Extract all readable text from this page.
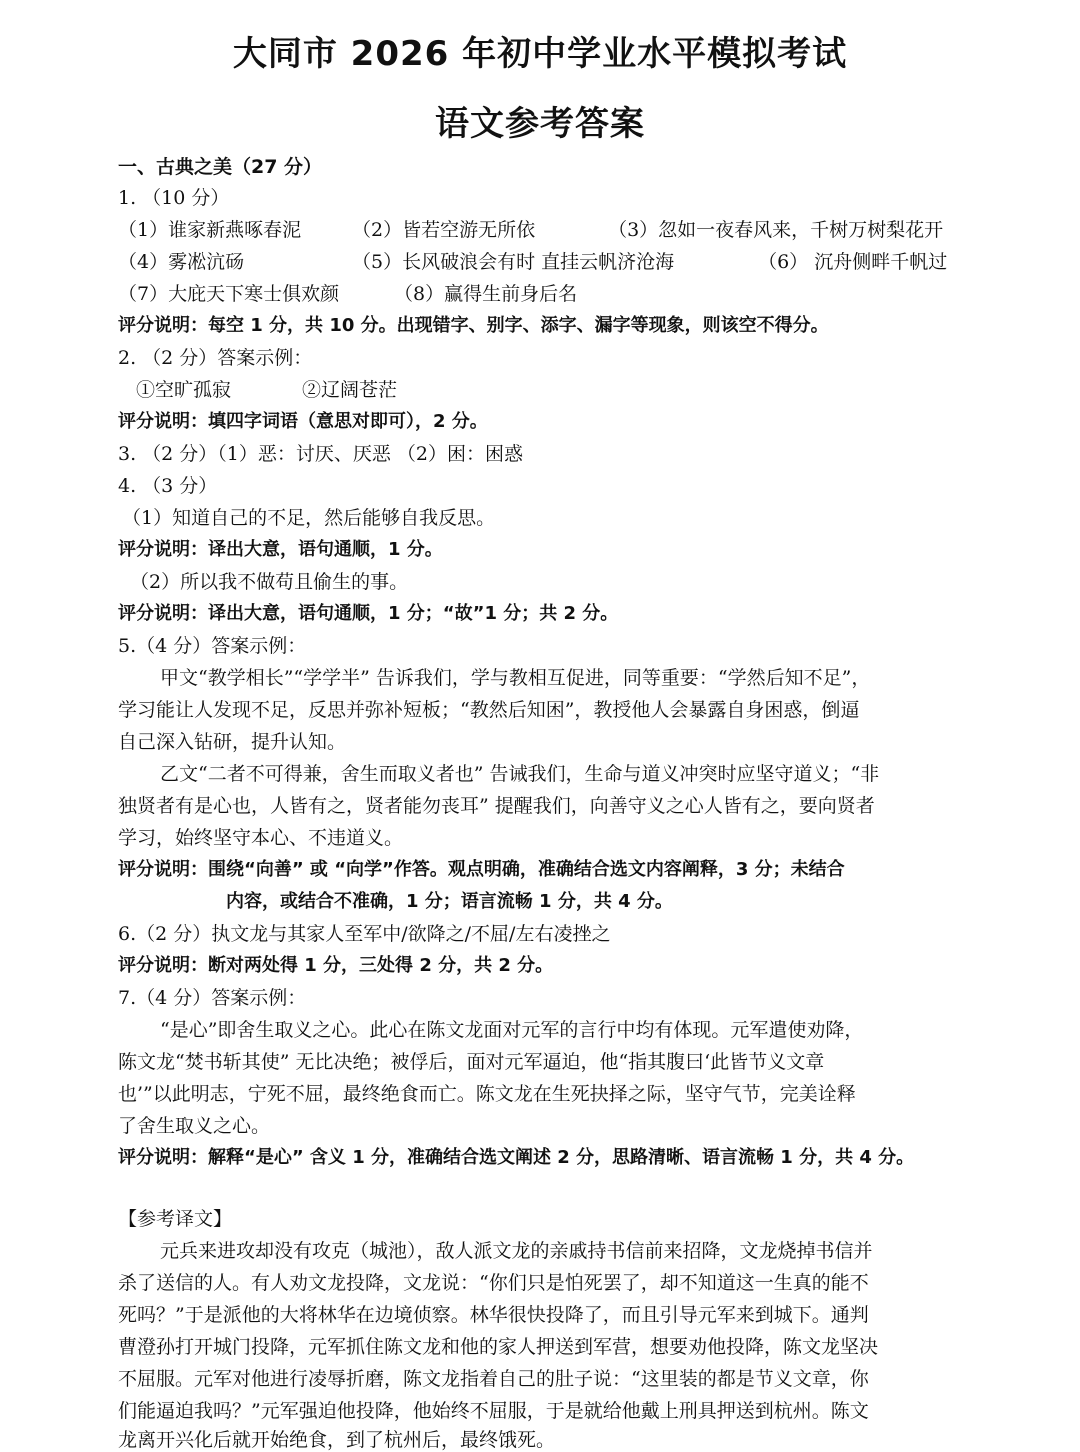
大同市 2026 年初中学业水平模拟考试
语文参考答案
一、古典之美（27 分）
1. （10 分）
（1）谁家新燕啄春泥	（2）皆若空游无所依	（3）忽如一夜春风来，千树万树梨花开
（4）雾凇沆砀	（5）长风破浪会有时 直挂云帆济沧海	（6） 沉舟侧畔千帆过
（7）大庇天下寒士俱欢颜	（8）赢得生前身后名
评分说明：每空 1 分，共 10 分。出现错字、别字、添字、漏字等现象，则该空不得分。
2. （2 分）答案示例：
①空旷孤寂	②辽阔苍茫
评分说明：填四字词语（意思对即可），2 分。
3. （2 分）（1）恶：讨厌、厌恶 （2）困：困惑
4. （3 分）
（1）知道自己的不足，然后能够自我反思。
评分说明：译出大意，语句通顺，1 分。
（2）所以我不做苟且偷生的事。
评分说明：译出大意，语句通顺，1 分；“故”1 分；共 2 分。
5.（4 分）答案示例：
甲文“教学相长”“学学半” 告诉我们，学与教相互促进，同等重要：“学然后知不足”，
学习能让人发现不足，反思并弥补短板；“教然后知困”，教授他人会暴露自身困惑，倒逼
自己深入钻研，提升认知。
乙文“二者不可得兼，舍生而取义者也” 告诫我们，生命与道义冲突时应坚守道义；“非
独贤者有是心也，人皆有之，贤者能勿丧耳” 提醒我们，向善守义之心人皆有之，要向贤者
学习，始终坚守本心、不违道义。
评分说明：围绕“向善” 或 “向学”作答。观点明确，准确结合选文内容阐释，3 分；未结合
内容，或结合不准确，1 分；语言流畅 1 分，共 4 分。
6.（2 分）执文龙与其家人至军中/欲降之/不屈/左右凌挫之
评分说明：断对两处得 1 分，三处得 2 分，共 2 分。
7.（4 分）答案示例：
“是心”即舍生取义之心。此心在陈文龙面对元军的言行中均有体现。元军遣使劝降，
陈文龙“焚书斩其使” 无比决绝；被俘后，面对元军逼迫，他“指其腹曰‘此皆节义文章
也’”以此明志，宁死不屈，最终绝食而亡。陈文龙在生死抉择之际，坚守气节，完美诠释
了舍生取义之心。
评分说明：解释“是心” 含义 1 分，准确结合选文阐述 2 分，思路清晰、语言流畅 1 分，共 4 分。
【参考译文】
元兵来进攻却没有攻克（城池），敌人派文龙的亲戚持书信前来招降，文龙烧掉书信并
杀了送信的人。有人劝文龙投降，文龙说：“你们只是怕死罢了，却不知道这一生真的能不
死吗？”于是派他的大将林华在边境侦察。林华很快投降了，而且引导元军来到城下。通判
曹澄孙打开城门投降，元军抓住陈文龙和他的家人押送到军营，想要劝他投降，陈文龙坚决
不屈服。元军对他进行凌辱折磨，陈文龙指着自己的肚子说：“这里装的都是节义文章，你
们能逼迫我吗？”元军强迫他投降，他始终不屈服，于是就给他戴上刑具押送到杭州。陈文
龙离开兴化后就开始绝食，到了杭州后，最终饿死。
